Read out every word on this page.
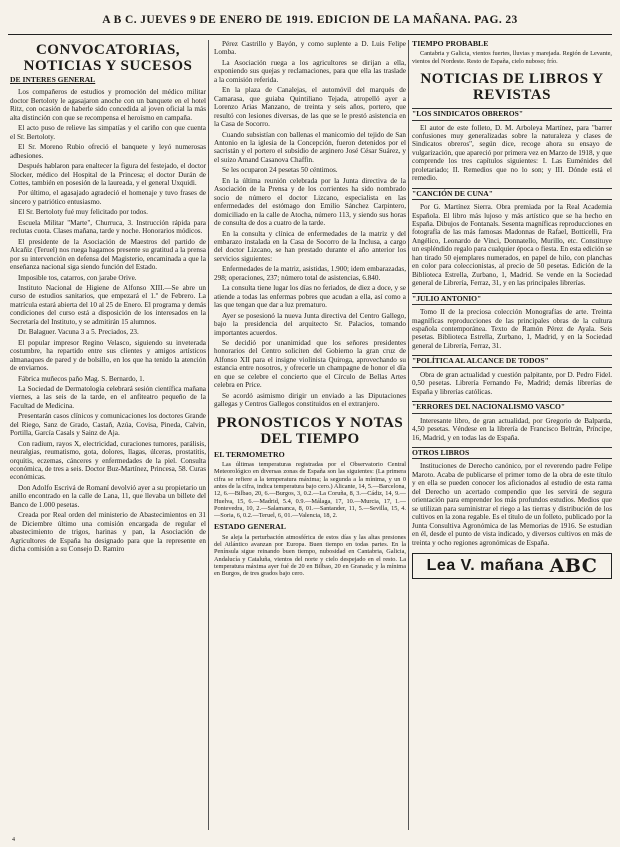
A B C. JUEVES 9 DE ENERO DE 1919. EDICION DE LA MAÑANA. PAG. 23
CONVOCATORIAS, NOTICIAS Y SUCESOS
DE INTERES GENERAL

Los compañeros de estudios y promoción del médico militar doctor Bertoloty le agasajaron anoche con un banquete en el hotel Ritz, con ocasión de haberle sido concedida al joven oficial la más alta distinción con que se recompensa el heroísmo en campaña.

El acto puso de relieve las simpatías y el cariño con que cuenta el Sr. Bertoloty.

El Sr. Moreno Rubio ofreció el banquete y leyó numerosas adhesiones.

Después hablaron para enaltecer la figura del festejado, el doctor Slocker, médico del Hospital de la Princesa; el doctor Durán de Cottes, también en posesión de la laureada, y el general Uxquidi.

Por último, el agasajado agradeció el homenaje y tuvo frases de sincero y patriótico entusiasmo.

El Sr. Bertoloty fué muy felicitado por todos.

Escuela Militar "Marte", Churruca, 3. Instrucción rápida para reclutas cuota. Clases mañana, tarde y noche. Honorarios módicos.

El presidente de la Asociación de Maestros del partido de Alcañiz (Teruel) nos ruega hagamos presente su gratitud a la prensa por su intervención en defensa del Magisterio, encaminada a que la enseñanza nacional siga siendo función del Estado.

Imposible tos, catarros, con jarabe Orive.

Instituto Nacional de Higiene de Alfonso XIII.—Se abre un curso de estudios sanitarios, que empezará el 1.º de Febrero. La matrícula estará abierta del 10 al 25 de Enero. El programa y demás condiciones del curso está a disposición de los interesados en la Secretaría del Instituto, y se admitirán 15 alumnos.

Dr. Balaguer. Vacuna 3 a 5. Preciados, 23.

El popular impresor Regino Velasco, siguiendo su inveterada costumbre, ha repartido entre sus clientes y amigos artísticos almanaques de pared y de bolsillo, en los que ha tenido la atención de enviarnos.

Fábrica muñecos paño Mag. S. Bernardo, 1.

La Sociedad de Dermatología celebrará sesión científica mañana viernes, a las seis de la tarde, en el anfiteatro pequeño de la Facultad de Medicina.

Presentarán casos clínicos y comunicaciones los doctores Grande del Riego, Sanz de Grado, Castañ, Azúa, Covisa, Pineda, Calvin, Portilla, García Casals y Sainz de Aja.

Con radium, rayos X, electricidad, curaciones tumores, parálisis, neuralgias, reumatismo, gota, dolores, llagas, úlceras, prostatitis, orquitis, eczemas, cánceres y enfermedades de la piel. Consulta económica, de tres a seis. Doctor Buz-Martínez, Princesa, 58. Curas económicas.

Don Adolfo Escrivá de Romaní devolvió ayer a su propietario un anillo encontrado en la calle de Lana, 11, que llevaba un billete del Banco de 1.000 pesetas.

Creada por Real orden del ministerio de Abastecimientos en 31 de Diciembre último una comisión encargada de regular el abastecimiento de trigos, harinas y pan, la Asociación de Agricultores de España ha designado para que la represente en dicha comisión a su Consejo D. Ramiro

Pérez Castrillo y Bayón, y como suplente a D. Luis Felipe Lomba.

La Asociación ruega a los agricultores se dirijan a ella, exponiendo sus quejas y reclamaciones, para que ella las traslade a la comisión referida.

En la plaza de Canalejas, el automóvil del marqués de Camarasa, que guiaba Quintiliano Tejada, atropelló ayer a Lorenzo Arias Manzano, de treinta y seis años, portero, que resultó con lesiones diversas, de las que se le prestó asistencia en la Casa de Socorro.

Cuando subsistían con ballenas el manicomio del tejido de San Antonio en la iglesia de la Concepción, fueron detenidos por el sacristán y el portero el subsidio de arginero José César Suárez, y el suizo Amand Casanova Chaffin.

Se les ocuparon 24 pesetas 50 céntimos.

En la última reunión celebrada por la Junta directiva de la Asociación de la Prensa y de los corrientes ha sido nombrado socio de número el doctor Lizcano, especialista en las enfermedades del estómago don Emilio Sánchez Carpintero, domiciliado en la calle de Atocha, número 113, y siendo sus horas de consulta de dos a cuatro de la tarde.

En la consulta y clínica de enfermedades de la matriz y del embarazo instalada en la Casa de Socorro de la Inclusa, a cargo del doctor Lizcano, se han prestado durante el año anterior los servicios siguientes:

Enfermedades de la matriz, asistidas, 1.900; idem embarazadas, 298; operaciones, 237; número total de asistencias, 6.840.

La consulta tiene lugar los días no feriados, de diez a doce, y se atiende a todas las enfermas pobres que acudan a ella, así como a las que tengan que dar a luz prematuro.

Ayer se posesionó la nueva Junta directiva del Centro Gallego, bajo la presidencia del arquitecto Sr. Palacios, tomando importantes acuerdos.

Se decidió por unanimidad que los señores presidentes honorarios del Centro soliciten del Gobierno la gran cruz de Alfonso XII para el insigne violinista Quiroga, aprovechando su estancia entre nosotros, y ofrecerle un champagne de honor el día en que se celebre el concierto que el Círculo de Bellas Artes celebra en Price.

Se acordó asimismo dirigir un enviado a las Diputaciones gallegas y Centros Gallegos constituidos en el extranjero.

PRONOSTICOS Y NOTAS DEL TIEMPO
EL TERMOMETRO

Las últimas temperaturas registradas por el Observatorio Central Meteorológico en diversas zonas de España son las siguientes: (La primera cifra se refiere a la temperatura máxima; la segunda a la mínima, y un 0 antes de la cifra, indica temperatura bajo cero.) Alicante, 14, 5.—Barcelona, 12, 6.—Bilbao, 20, 6.—Burgos, 3, 0.2.—La Coruña, 8, 3.—Cádiz, 14, 9.—Huelva, 15, 6.—Madrid, 5.4, 0.9.—Málaga, 17, 10.—Murcia, 17, 1.—Pontevedra, 10, 2.—Salamanca, 8, 01.—Santander, 11, 5.—Sevilla, 15, 4.—Soria, 6, 0.2.—Teruel, 6, 01.—Valencia, 18, 2.

ESTADO GENERAL

Se aleja la perturbación atmosférica de estos días y las altas presiones del Atlántico avanzan por Europa. Buen tiempo en todas partes. En la Península sigue reinando buen tiempo, nubosidad en Cantabria, Galicia, Andalucía y Cataluña, vientos del norte y cielo despejado en el resto. La temperatura máxima ayer fué de 20 en Bilbao, 20 en Granada; y la mínima en Burgos, de tres grados bajo cero.

TIEMPO PROBABLE

Cantabria y Galicia, vientos fuertes, lluvias y marejada. Región de Levante, vientos del Nordeste. Resto de España, cielo nuboso; frío.

NOTICIAS DE LIBROS Y REVISTAS
"LOS SINDICATOS OBREROS"

El autor de este folleto, D. M. Arboleya Martínez, para "barrer confusiones muy generalizadas sobre la naturaleza y clases de Sindicatos obreros", según dice, recoge ahora su ensayo de vulgarización, que apareció por primera vez en Marzo de 1918, y que comprende los tres capítulos siguientes: I. Las Euménides del proletariado; II. Remedios que no lo son; y III. Dónde está el remedio.

"CANCIÓN DE CUNA"

Por G. Martínez Sierra. Obra premiada por la Real Academia Española. El libro más lujoso y más artístico que se ha hecho en España. Dibujos de Fontanals. Sesenta magníficas reproducciones en fotografía de las más famosas Madonnas de Rafael, Botticelli, Fra Angélico, Leonardo de Vinci, Donnatello, Murillo, etc. Constituye un espléndido regalo para cualquier época o fiesta. En esta edición se han tirado 50 ejemplares numerados, en papel de hilo, con planchas en color para coleccionistas, al precio de 50 pesetas. Edición de la Biblioteca Estrella, Zurbano, 1, Madrid. Se vende en la Sociedad general de Librería, Ferraz, 31, y en las principales librerías.

"JULIO ANTONIO"

Tomo II de la preciosa colección Monografías de arte. Treinta magníficas reproducciones de las principales obras de la cultura española contemporánea. Texto de Ramón Pérez de Ayala. Seis pesetas. Biblioteca Estrella, Zurbano, 1, Madrid, y en la Sociedad general de Librería, Ferraz, 31.

"POLÍTICA AL ALCANCE DE TODOS"

Obra de gran actualidad y cuestión palpitante, por D. Pedro Fidel. 0,50 pesetas. Librería Fernando Fe, Madrid; demás librerías de España y librerías católicas.

"ERRORES DEL NACIONALISMO VASCO"

Interesante libro, de gran actualidad, por Gregorio de Balparda, 4,50 pesetas. Véndese en la librería de Francisco Beltrán, Príncipe, 16, Madrid, y en todas las de España.

OTROS LIBROS

Instituciones de Derecho canónico, por el reverendo padre Felipe Maroto. Acaba de publicarse el primer tomo de la obra de este título y en ella se pueden conocer los aficionados al estudio de esta rama del Derecho un acertado compendio que les servirá de segura orientación para emprender los más profundos estudios. Medios que se utilizan para suministrar el riego a las tierras y distribución de los cultivos en la zona regable. Es el título de un folleto, publicado por la Junta Consultiva Agronómica de las Memorias de 1916. Se estudian en él, desde el punto de vista indicado, y diversos cultivos en más de treinta y ocho regiones agronómicas de España.

Lea V. mañana ABC
4
